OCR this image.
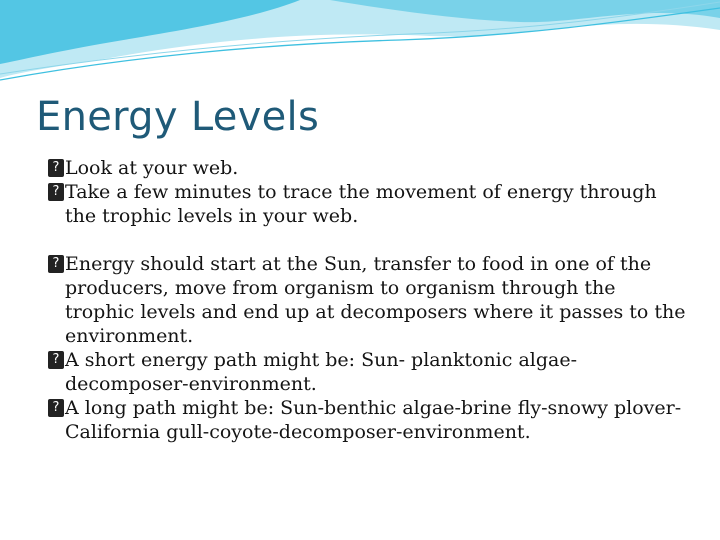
Energy Levels
? Look at your web.
? Take a few minutes to trace the movement of energy through the trophic levels in your web.
? Energy should start at the Sun, transfer to food in one of the producers, move from organism to organism through the trophic levels and end up at decomposers where it passes to the environment.
? A short energy path might be: Sun- planktonic algae-decomposer-environment.
? A long path might be: Sun-benthic algae-brine fly-snowy plover-California gull-coyote-decomposer-environment.
